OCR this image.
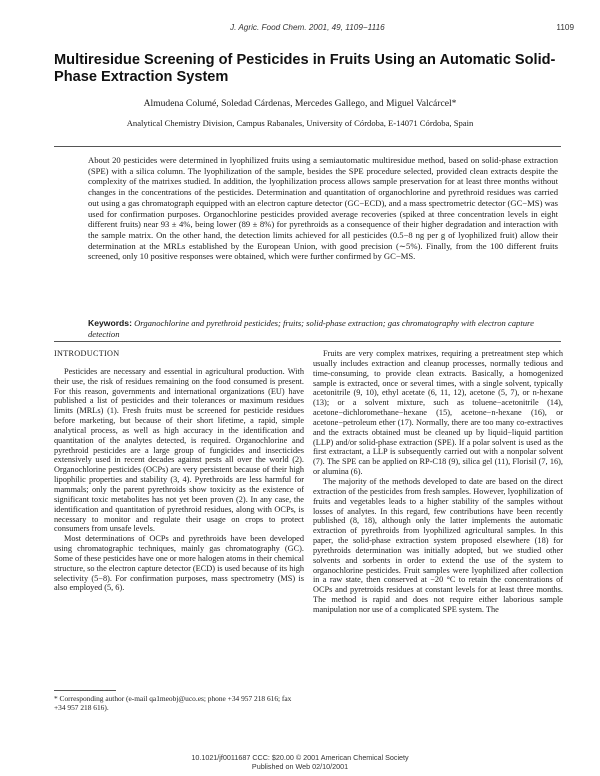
J. Agric. Food Chem. 2001, 49, 1109−1116	1109
Multiresidue Screening of Pesticides in Fruits Using an Automatic Solid-Phase Extraction System
Almudena Columé, Soledad Cárdenas, Mercedes Gallego, and Miguel Valcárcel*
Analytical Chemistry Division, Campus Rabanales, University of Córdoba, E-14071 Córdoba, Spain
About 20 pesticides were determined in lyophilized fruits using a semiautomatic multiresidue method, based on solid-phase extraction (SPE) with a silica column. The lyophilization of the sample, besides the SPE procedure selected, provided clean extracts despite the complexity of the matrixes studied. In addition, the lyophilization process allows sample preservation for at least three months without changes in the concentrations of the pesticides. Determination and quantitation of organochlorine and pyrethroid residues was carried out using a gas chromatograph equipped with an electron capture detector (GC−ECD), and a mass spectrometric detector (GC−MS) was used for confirmation purposes. Organochlorine pesticides provided average recoveries (spiked at three concentration levels in eight different fruits) near 93 ± 4%, being lower (89 ± 8%) for pyrethroids as a consequence of their higher degradation and interaction with the sample matrix. On the other hand, the detection limits achieved for all pesticides (0.5−8 ng per g of lyophilized fruit) allow their determination at the MRLs established by the European Union, with good precision (∼5%). Finally, from the 100 different fruits screened, only 10 positive responses were obtained, which were further confirmed by GC−MS.
Keywords: Organochlorine and pyrethroid pesticides; fruits; solid-phase extraction; gas chromatography with electron capture detection
INTRODUCTION

Pesticides are necessary and essential in agricultural production. With their use, the risk of residues remaining on the food consumed is present. For this reason, governments and international organizations (EU) have published a list of pesticides and their tolerances or maximum residues limits (MRLs) (1). Fresh fruits must be screened for pesticide residues before marketing, but because of their short lifetime, a rapid, simple analytical process, as well as high accuracy in the identification and quantitation of the analytes detected, is required. Organochlorine and pyrethroid pesticides are a large group of fungicides and insecticides extensively used in recent decades against pests all over the world (2). Organochlorine pesticides (OCPs) are very persistent because of their high lipophilic properties and stability (3, 4). Pyrethroids are less harmful for mammals; only the parent pyrethroids show toxicity as the existence of significant toxic metabolites has not yet been proven (2). In any case, the identification and quantitation of pyrethroid residues, along with OCPs, is necessary to monitor and regulate their usage on crops to protect consumers from unsafe levels.

Most determinations of OCPs and pyrethroids have been developed using chromatographic techniques, mainly gas chromatography (GC). Some of these pesticides have one or more halogen atoms in their chemical structure, so the electron capture detector (ECD) is used because of its high selectivity (5−8). For confirmation purposes, mass spectrometry (MS) is also employed (5, 6).

Fruits are very complex matrixes, requiring a pretreatment step which usually includes extraction and cleanup processes, normally tedious and time-consuming, to provide clean extracts. Basically, a homogenized sample is extracted, once or several times, with a single solvent, typically acetonitrile (9, 10), ethyl acetate (6, 11, 12), acetone (5, 7), or n-hexane (13); or a solvent mixture, such as toluene−acetonitrile (14), acetone−dichloromethane−hexane (15), acetone−n-hexane (16), or acetone−petroleum ether (17). Normally, there are too many co-extractives and the extracts obtained must be cleaned up by liquid−liquid partition (LLP) and/or solid-phase extraction (SPE). If a polar solvent is used as the first extractant, a LLP is subsequently carried out with a nonpolar solvent (7). The SPE can be applied on RP-C18 (9), silica gel (11), Florisil (7, 16), or alumina (6).

The majority of the methods developed to date are based on the direct extraction of the pesticides from fresh samples. However, lyophilization of fruits and vegetables leads to a higher stability of the samples without losses of analytes. In this regard, few contributions have been recently published (8, 18), although only the latter implements the automatic extraction of pyrethroids from lyophilized agricultural samples. In this paper, the solid-phase extraction system proposed elsewhere (18) for pyrethroids determination was initially adopted, but we studied other solvents and sorbents in order to extend the use of the system to organochlorine pesticides. Fruit samples were lyophilized after collection in a raw state, then conserved at −20 °C to retain the concentrations of OCPs and pyretroids residues at constant levels for at least three months. The method is rapid and does not require either laborious sample manipulation nor use of a complicated SPE system. The

* Corresponding author (e-mail qa1meobj@uco.es; phone +34 957 218 616; fax +34 957 218 616).
10.1021/jf0011687 CCC: $20.00 © 2001 American Chemical Society
Published on Web 02/10/2001
